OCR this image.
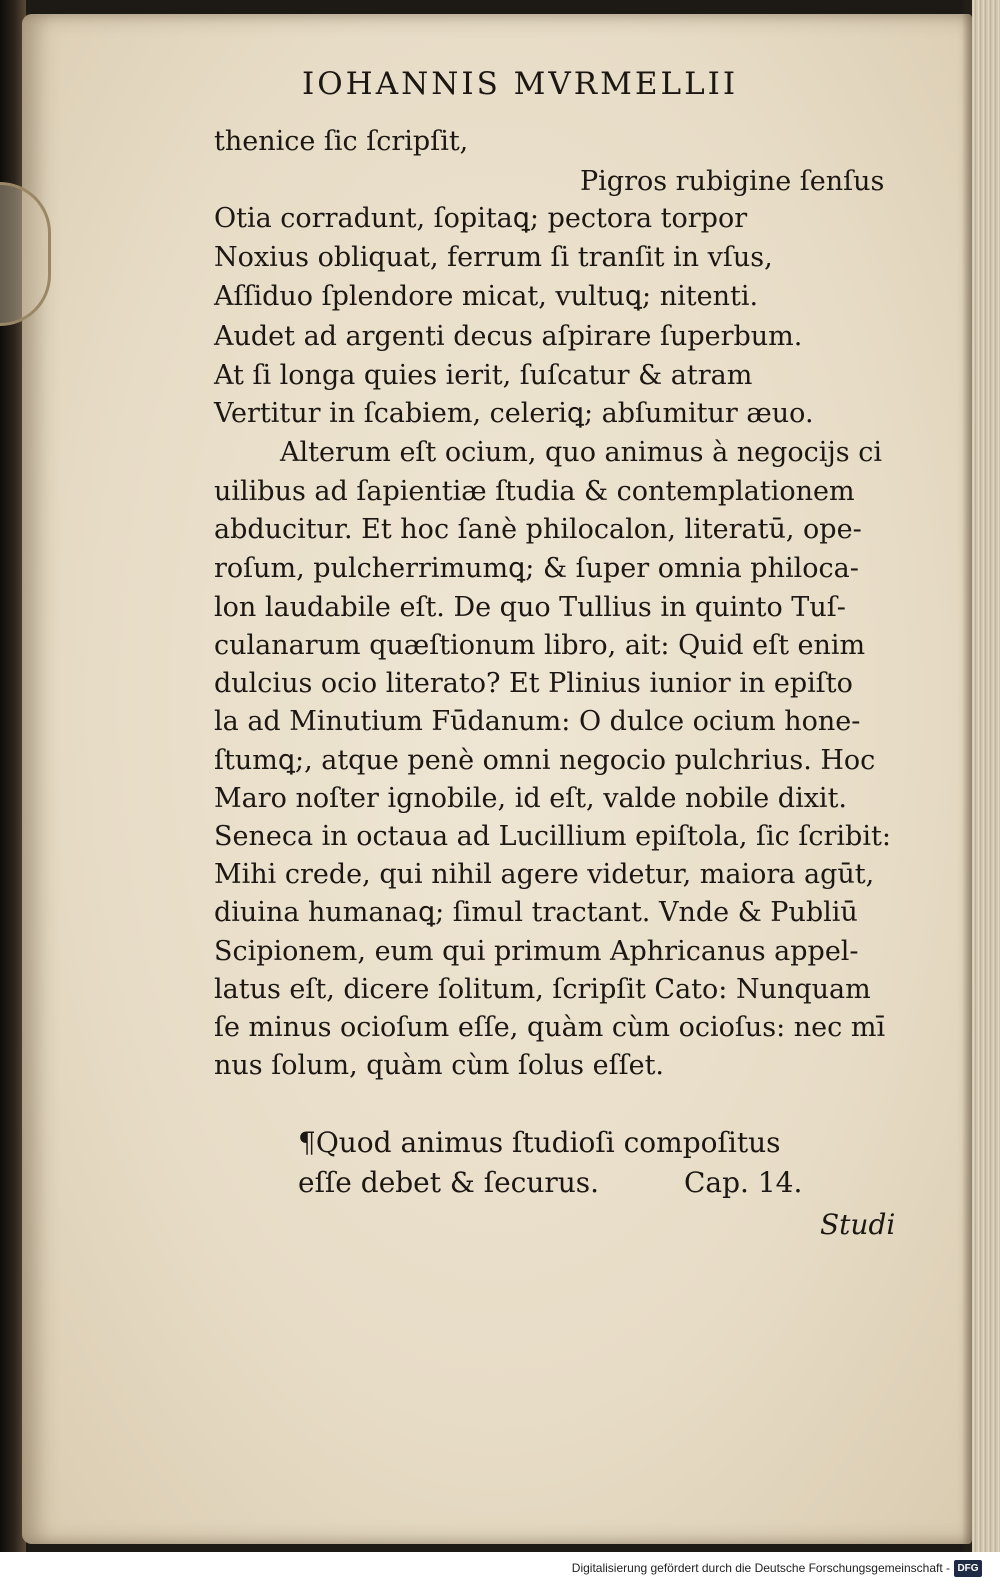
IOHANNIS MVRMELLII
thenice ſic ſcripſit,
Pigros rubigine ſenſus
Otia corradunt, ſopitaꝗ; pectora torpor
Noxius obliquat, ferrum ſi tranſit in vſus,
Aſſiduo ſplendore micat, vultuꝗ; nitenti.
Audet ad argenti decus aſpirare ſuperbum.
At ſi longa quies ierit, ſuſcatur & atram
Vertitur in ſcabiem, celeriꝗ; abſumitur æuo.
Alterum eſt ocium, quo animus à negocijs ci
uilibus ad ſapientiæ ſtudia & contemplationem
abducitur. Et hoc ſanè philocalon, literatū, ope-
roſum, pulcherrimumꝗ; & ſuper omnia philoca-
lon laudabile eſt. De quo Tullius in quinto Tuſ-
culanarum quæſtionum libro, ait: Quid eſt enim
dulcius ocio literato? Et Plinius iunior in epiſto
la ad Minutium Fūdanum: O dulce ocium hone-
ſtumꝗ;, atque penè omni negocio pulchrius. Hoc
Maro noſter ignobile, id eſt, valde nobile dixit.
Seneca in octaua ad Lucillium epiſtola, ſic ſcribit:
Mihi crede, qui nihil agere videtur, maiora agūt,
diuina humanaꝗ; ſimul tractant. Vnde & Publiū
Scipionem, eum qui primum Aphricanus appel-
latus eſt, dicere ſolitum, ſcripſit Cato: Nunquam
ſe minus ocioſum eſſe, quàm cùm ocioſus: nec mī
nus ſolum, quàm cùm ſolus eſſet.
¶Quod animus ſtudioſi compoſitus
eſſe debet & ſecurus.	Cap. 14.
Studi
Digitalisierung gefördert durch die Deutsche Forschungsgemeinschaft - DFG
